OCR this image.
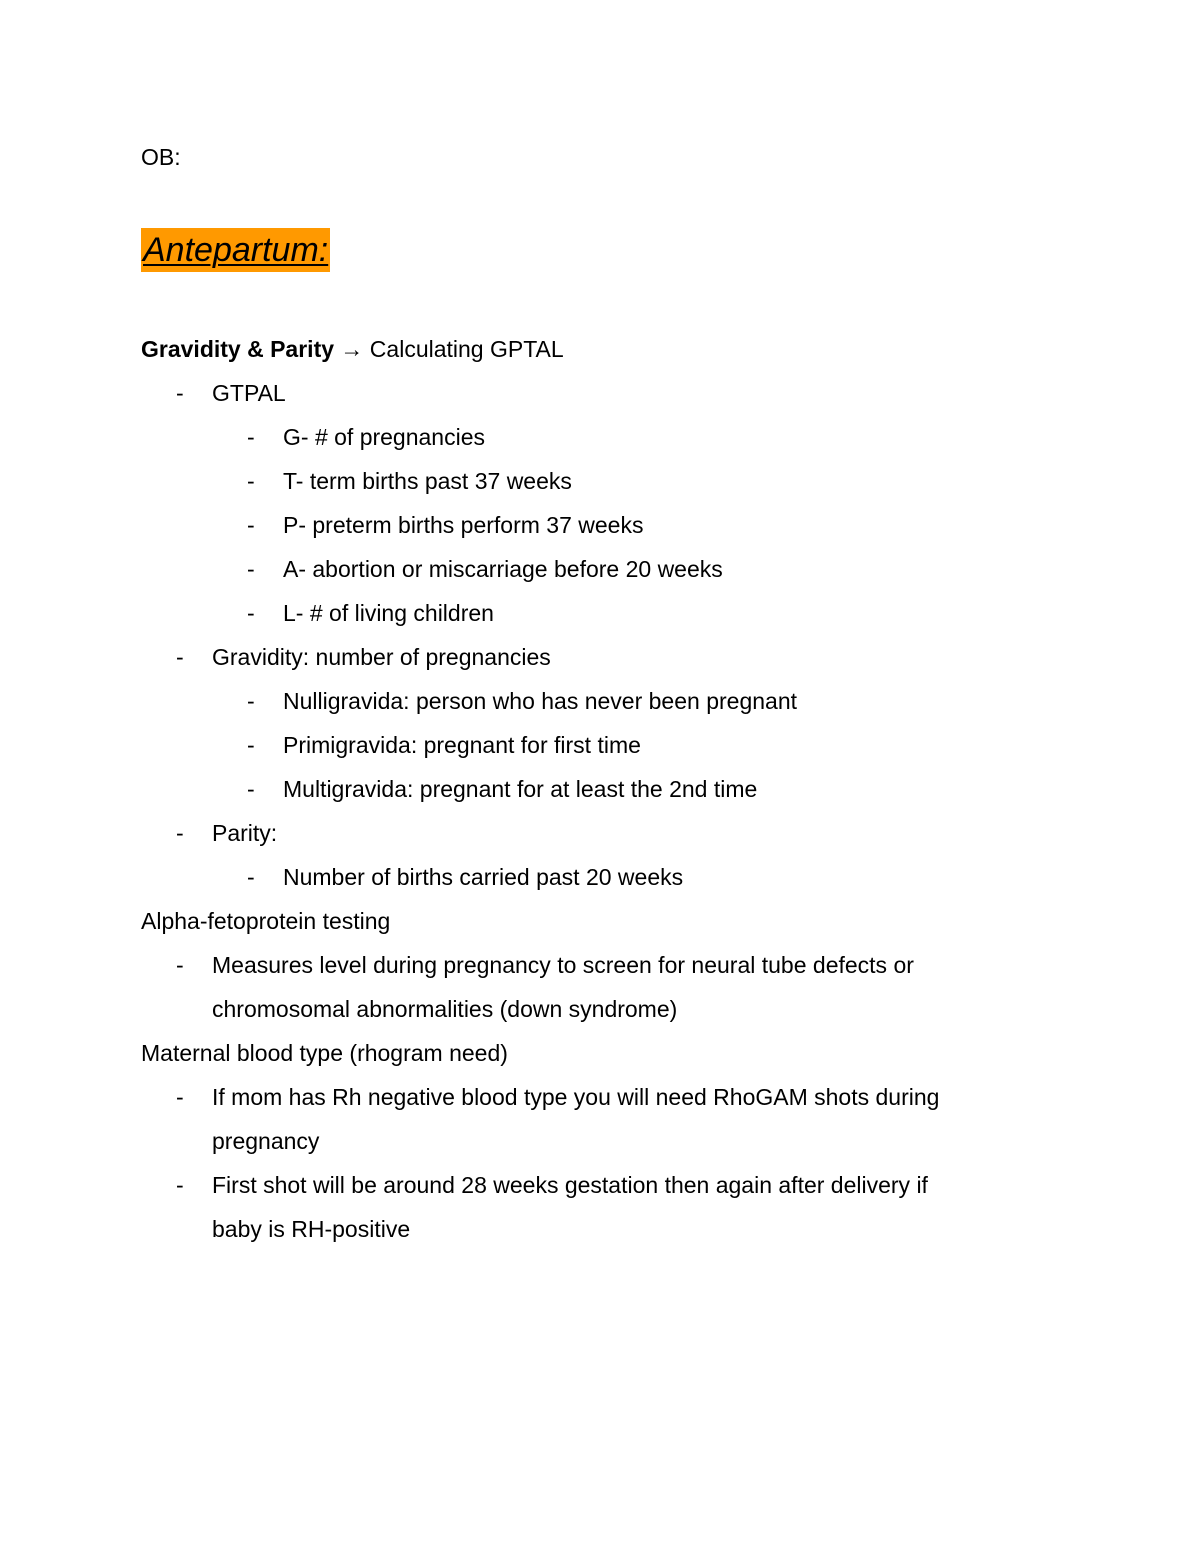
OB:
Antepartum:
Gravidity & Parity → Calculating GPTAL
- GTPAL
- G- # of pregnancies
- T- term births past 37 weeks
- P- preterm births perform 37 weeks
- A- abortion or miscarriage before 20 weeks
- L- # of living children
- Gravidity: number of pregnancies
- Nulligravida: person who has never been pregnant
- Primigravida: pregnant for first time
- Multigravida: pregnant for at least the 2nd time
- Parity:
- Number of births carried past 20 weeks
Alpha-fetoprotein testing
- Measures level during pregnancy to screen for neural tube defects or
chromosomal abnormalities (down syndrome)
Maternal blood type (rhogram need)
- If mom has Rh negative blood type you will need RhoGAM shots during
pregnancy
- First shot will be around 28 weeks gestation then again after delivery if
baby is RH-positive
